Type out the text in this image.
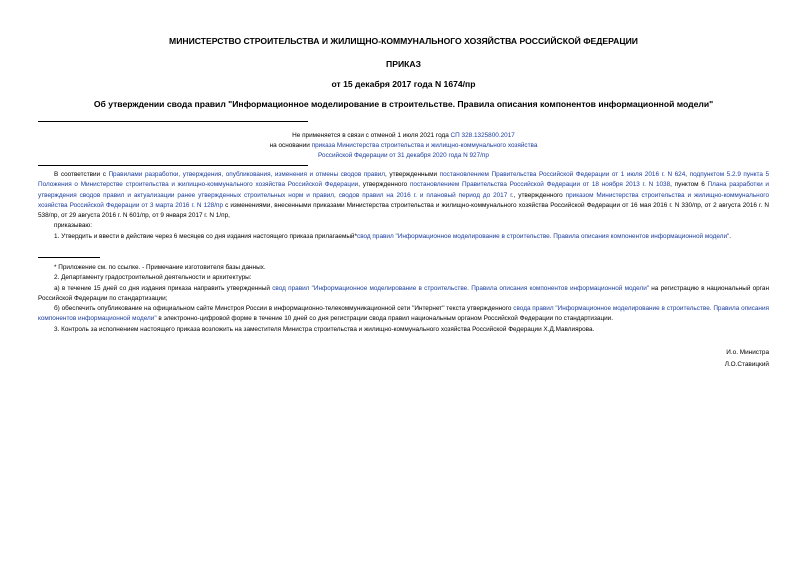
МИНИСТЕРСТВО СТРОИТЕЛЬСТВА И ЖИЛИЩНО-КОММУНАЛЬНОГО ХОЗЯЙСТВА РОССИЙСКОЙ ФЕДЕРАЦИИ
ПРИКАЗ
от 15 декабря 2017 года N 1674/пр
Об утверждении свода правил "Информационное моделирование в строительстве. Правила описания компонентов информационной модели"
Не применяется в связи с отменой 1 июля 2021 года СП 328.1325800.2017
на основании приказа Министерства строительства и жилищно-коммунального хозяйства
Российской Федерации от 31 декабря 2020 года N 927/пр

В соответствии с Правилами разработки, утверждения, опубликования, изменения и отмены сводов правил, утвержденными постановлением Правительства Российской Федерации от 1 июля 2016 г. N 624, подпунктом 5.2.9 пункта 5 Положения о Министерстве строительства и жилищно-коммунального хозяйства Российской Федерации, утвержденного постановлением Правительства Российской Федерации от 18 ноября 2013 г. N 1038, пунктом 6 Плана разработки и утверждения сводов правил и актуализации ранее утвержденных строительных норм и правил, сводов правил на 2016 г. и плановый период до 2017 г., утвержденного приказом Министерства строительства и жилищно-коммунального хозяйства Российской Федерации от 3 марта 2016 г. N 128/пр с изменениями, внесенными приказами Министерства строительства и жилищно-коммунального хозяйства Российской Федерации от 16 мая 2016 г. N 330/пр, от 2 августа 2016 г. N 538/пр, от 29 августа 2016 г. N 601/пр, от 9 января 2017 г. N 1/пр,

приказываю:

1. Утвердить и ввести в действие через 6 месяцев со дня издания настоящего приказа прилагаемый*свод правил "Информационное моделирование в строительстве. Правила описания компонентов информационной модели".

* Приложение см. по ссылке. - Примечание изготовителя базы данных.

2. Департаменту градостроительной деятельности и архитектуры:

а) в течение 15 дней со дня издания приказа направить утвержденный свод правил "Информационное моделирование в строительстве. Правила описания компонентов информационной модели" на регистрацию в национальный орган Российской Федерации по стандартизации;

б) обеспечить опубликование на официальном сайте Минстроя России в информационно-телекоммуникационной сети "Интернет" текста утвержденного свода правил "Информационное моделирование в строительстве. Правила описания компонентов информационной модели" в электронно-цифровой форме в течение 10 дней со дня регистрации свода правил национальным органом Российской Федерации по стандартизации.

3. Контроль за исполнением настоящего приказа возложить на заместителя Министра строительства и жилищно-коммунального хозяйства Российской Федерации Х.Д.Мавлиярова.

И.о. Министра
Л.О.Ставицкий
